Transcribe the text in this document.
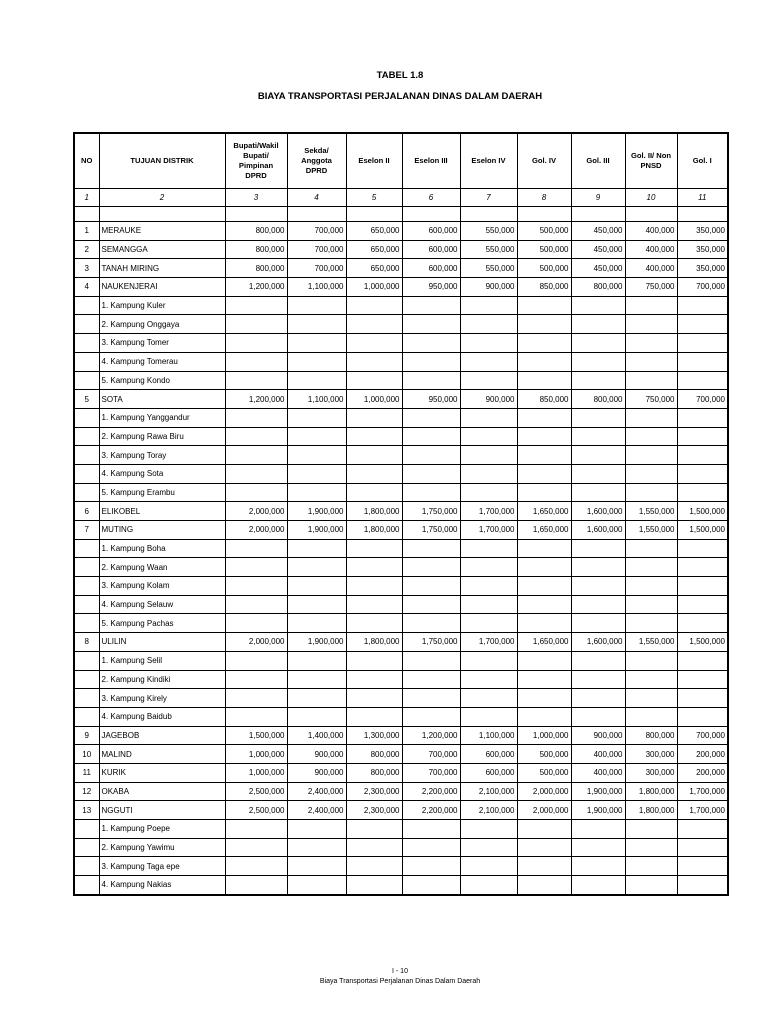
TABEL 1.8
BIAYA TRANSPORTASI PERJALANAN DINAS DALAM DAERAH
NO	TUJUAN DISTRIK	Bupati/Wakil Bupati/ Pimpinan DPRD	Sekda/ Anggota DPRD	Eselon II	Eselon III	Eselon IV	Gol. IV	Gol. III	Gol. II/ Non PNSD	Gol. I
1	2	3	4	5	6	7	8	9	10	11

1	MERAUKE	800,000	700,000	650,000	600,000	550,000	500,000	450,000	400,000	350,000
2	SEMANGGA	800,000	700,000	650,000	600,000	550,000	500,000	450,000	400,000	350,000
3	TANAH MIRING	800,000	700,000	650,000	600,000	550,000	500,000	450,000	400,000	350,000
4	NAUKENJERAI	1,200,000	1,100,000	1,000,000	950,000	900,000	850,000	800,000	750,000	700,000
	1. Kampung Kuler									
	2. Kampung Onggaya									
	3. Kampung Tomer									
	4. Kampung Tomerau									
	5. Kampung Kondo									
5	SOTA	1,200,000	1,100,000	1,000,000	950,000	900,000	850,000	800,000	750,000	700,000
	1. Kampung Yanggandur									
	2. Kampung Rawa Biru									
	3. Kampung Toray									
	4. Kampung Sota									
	5. Kampung Erambu									
6	ELIKOBEL	2,000,000	1,900,000	1,800,000	1,750,000	1,700,000	1,650,000	1,600,000	1,550,000	1,500,000
7	MUTING	2,000,000	1,900,000	1,800,000	1,750,000	1,700,000	1,650,000	1,600,000	1,550,000	1,500,000
	1. Kampung Boha									
	2. Kampung Waan									
	3. Kampung Kolam									
	4. Kampung Selauw									
	5. Kampung Pachas									
8	ULILIN	2,000,000	1,900,000	1,800,000	1,750,000	1,700,000	1,650,000	1,600,000	1,550,000	1,500,000
	1. Kampung Selil									
	2. Kampung Kindiki									
	3. Kampung Kirely									
	4. Kampung Baidub									
9	JAGEBOB	1,500,000	1,400,000	1,300,000	1,200,000	1,100,000	1,000,000	900,000	800,000	700,000
10	MALIND	1,000,000	900,000	800,000	700,000	600,000	500,000	400,000	300,000	200,000
11	KURIK	1,000,000	900,000	800,000	700,000	600,000	500,000	400,000	300,000	200,000
12	OKABA	2,500,000	2,400,000	2,300,000	2,200,000	2,100,000	2,000,000	1,900,000	1,800,000	1,700,000
13	NGGUTI	2,500,000	2,400,000	2,300,000	2,200,000	2,100,000	2,000,000	1,900,000	1,800,000	1,700,000
	1. Kampung Poepe									
	2. Kampung Yawimu									
	3. Kampung Taga epe									
	4. Kampung Nakias									
I - 10
Biaya Transportasi Perjalanan Dinas Dalam Daerah
